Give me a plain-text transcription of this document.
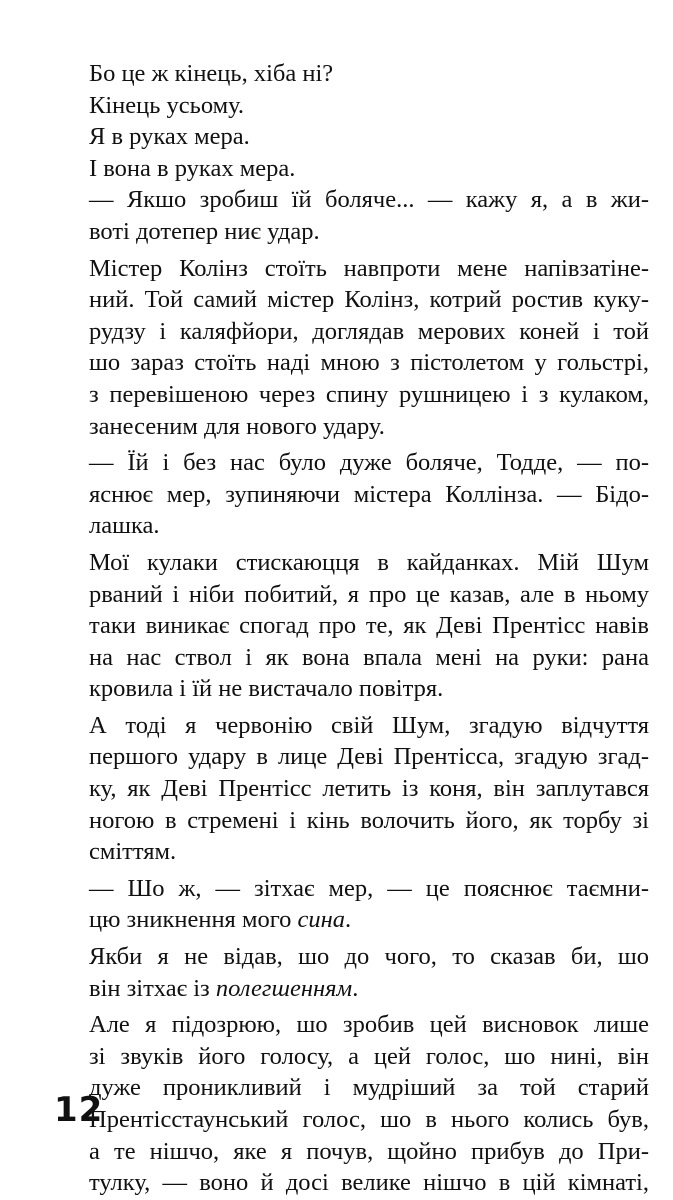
Бо це ж кінець, хіба ні?
Кінець усьому.
Я в руках мера.
І вона в руках мера.
— Якшо зробиш їй боляче... — кажу я, а в жи-
воті дотепер ниє удар.
Містер Колінз стоїть навпроти мене напівзатіне-
ний. Той самий містер Колінз, котрий ростив куку-
рудзу і каляфйори, доглядав мерових коней і той
шо зараз стоїть наді мною з пістолетом у гольстрі,
з перевішеною через спину рушницею і з кулаком,
занесеним для нового удару.
— Їй і без нас було дуже боляче, Тодде, — по-
яснює мер, зупиняючи містера Коллінза. — Бідо-
лашка.
Мої кулаки стискаюцця в кайданках. Мій Шум
рваний і ніби побитий, я про це казав, але в ньому
таки виникає спогад про те, як Деві Прентісс навів
на нас ствол і як вона впала мені на руки: рана
кровила і їй не вистачало повітря.
А тоді я червонію свій Шум, згадую відчуття
першого удару в лице Деві Прентісса, згадую згад-
ку, як Деві Прентісс летить із коня, він заплутався
ногою в стремені і кінь волочить його, як торбу зі
сміттям.
— Шо ж, — зітхає мер, — це пояснює таємни-
цю зникнення мого сина.
Якби я не відав, шо до чого, то сказав би, шо
він зітхає із полегшенням.
Але я підозрюю, шо зробив цей висновок лише
зі звуків його голосу, а цей голос, шо нині, він
дуже проникливий і мудріший за той старий
Прентісстаунський голос, шо в нього колись був,
а те нішчо, яке я почув, щойно прибув до При-
тулку, — воно й досі велике нішчо в цій кімнаті,
12
